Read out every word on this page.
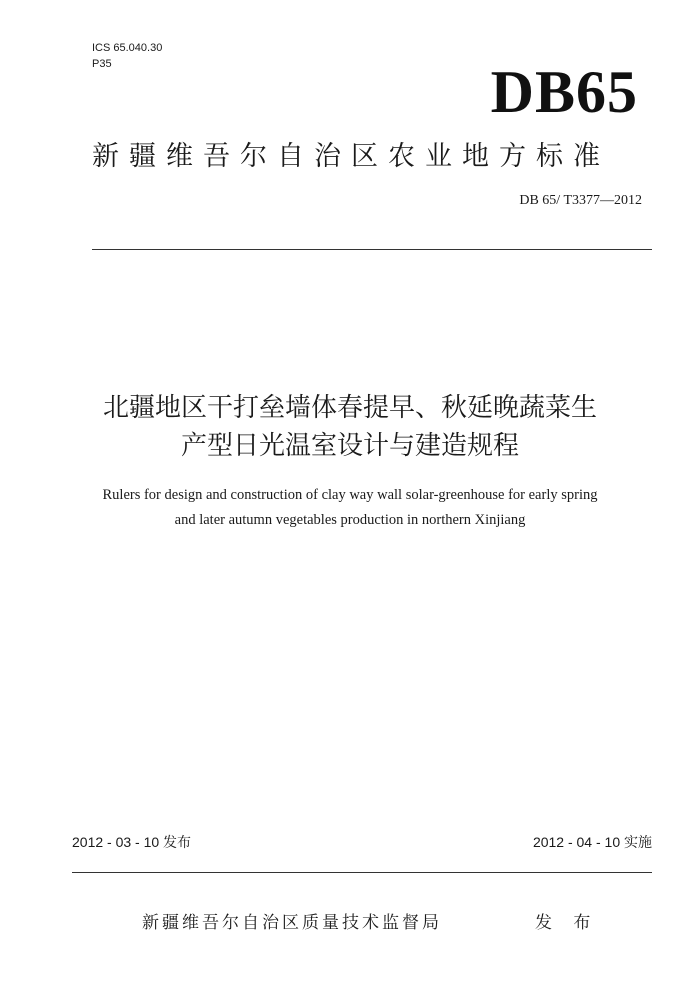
ICS 65.040.30
P35	DB65
新疆维吾尔自治区农业地方标准
DB 65/ T3377—2012
北疆地区干打垒墙体春提早、秋延晚蔬菜生
产型日光温室设计与建造规程
Rulers for design and construction of clay way wall solar-greenhouse for early spring
and later autumn vegetables production in northern Xinjiang
2012 - 03 - 10 发布	2012 - 04 - 10 实施
新疆维吾尔自治区质量技术监督局	发 布
